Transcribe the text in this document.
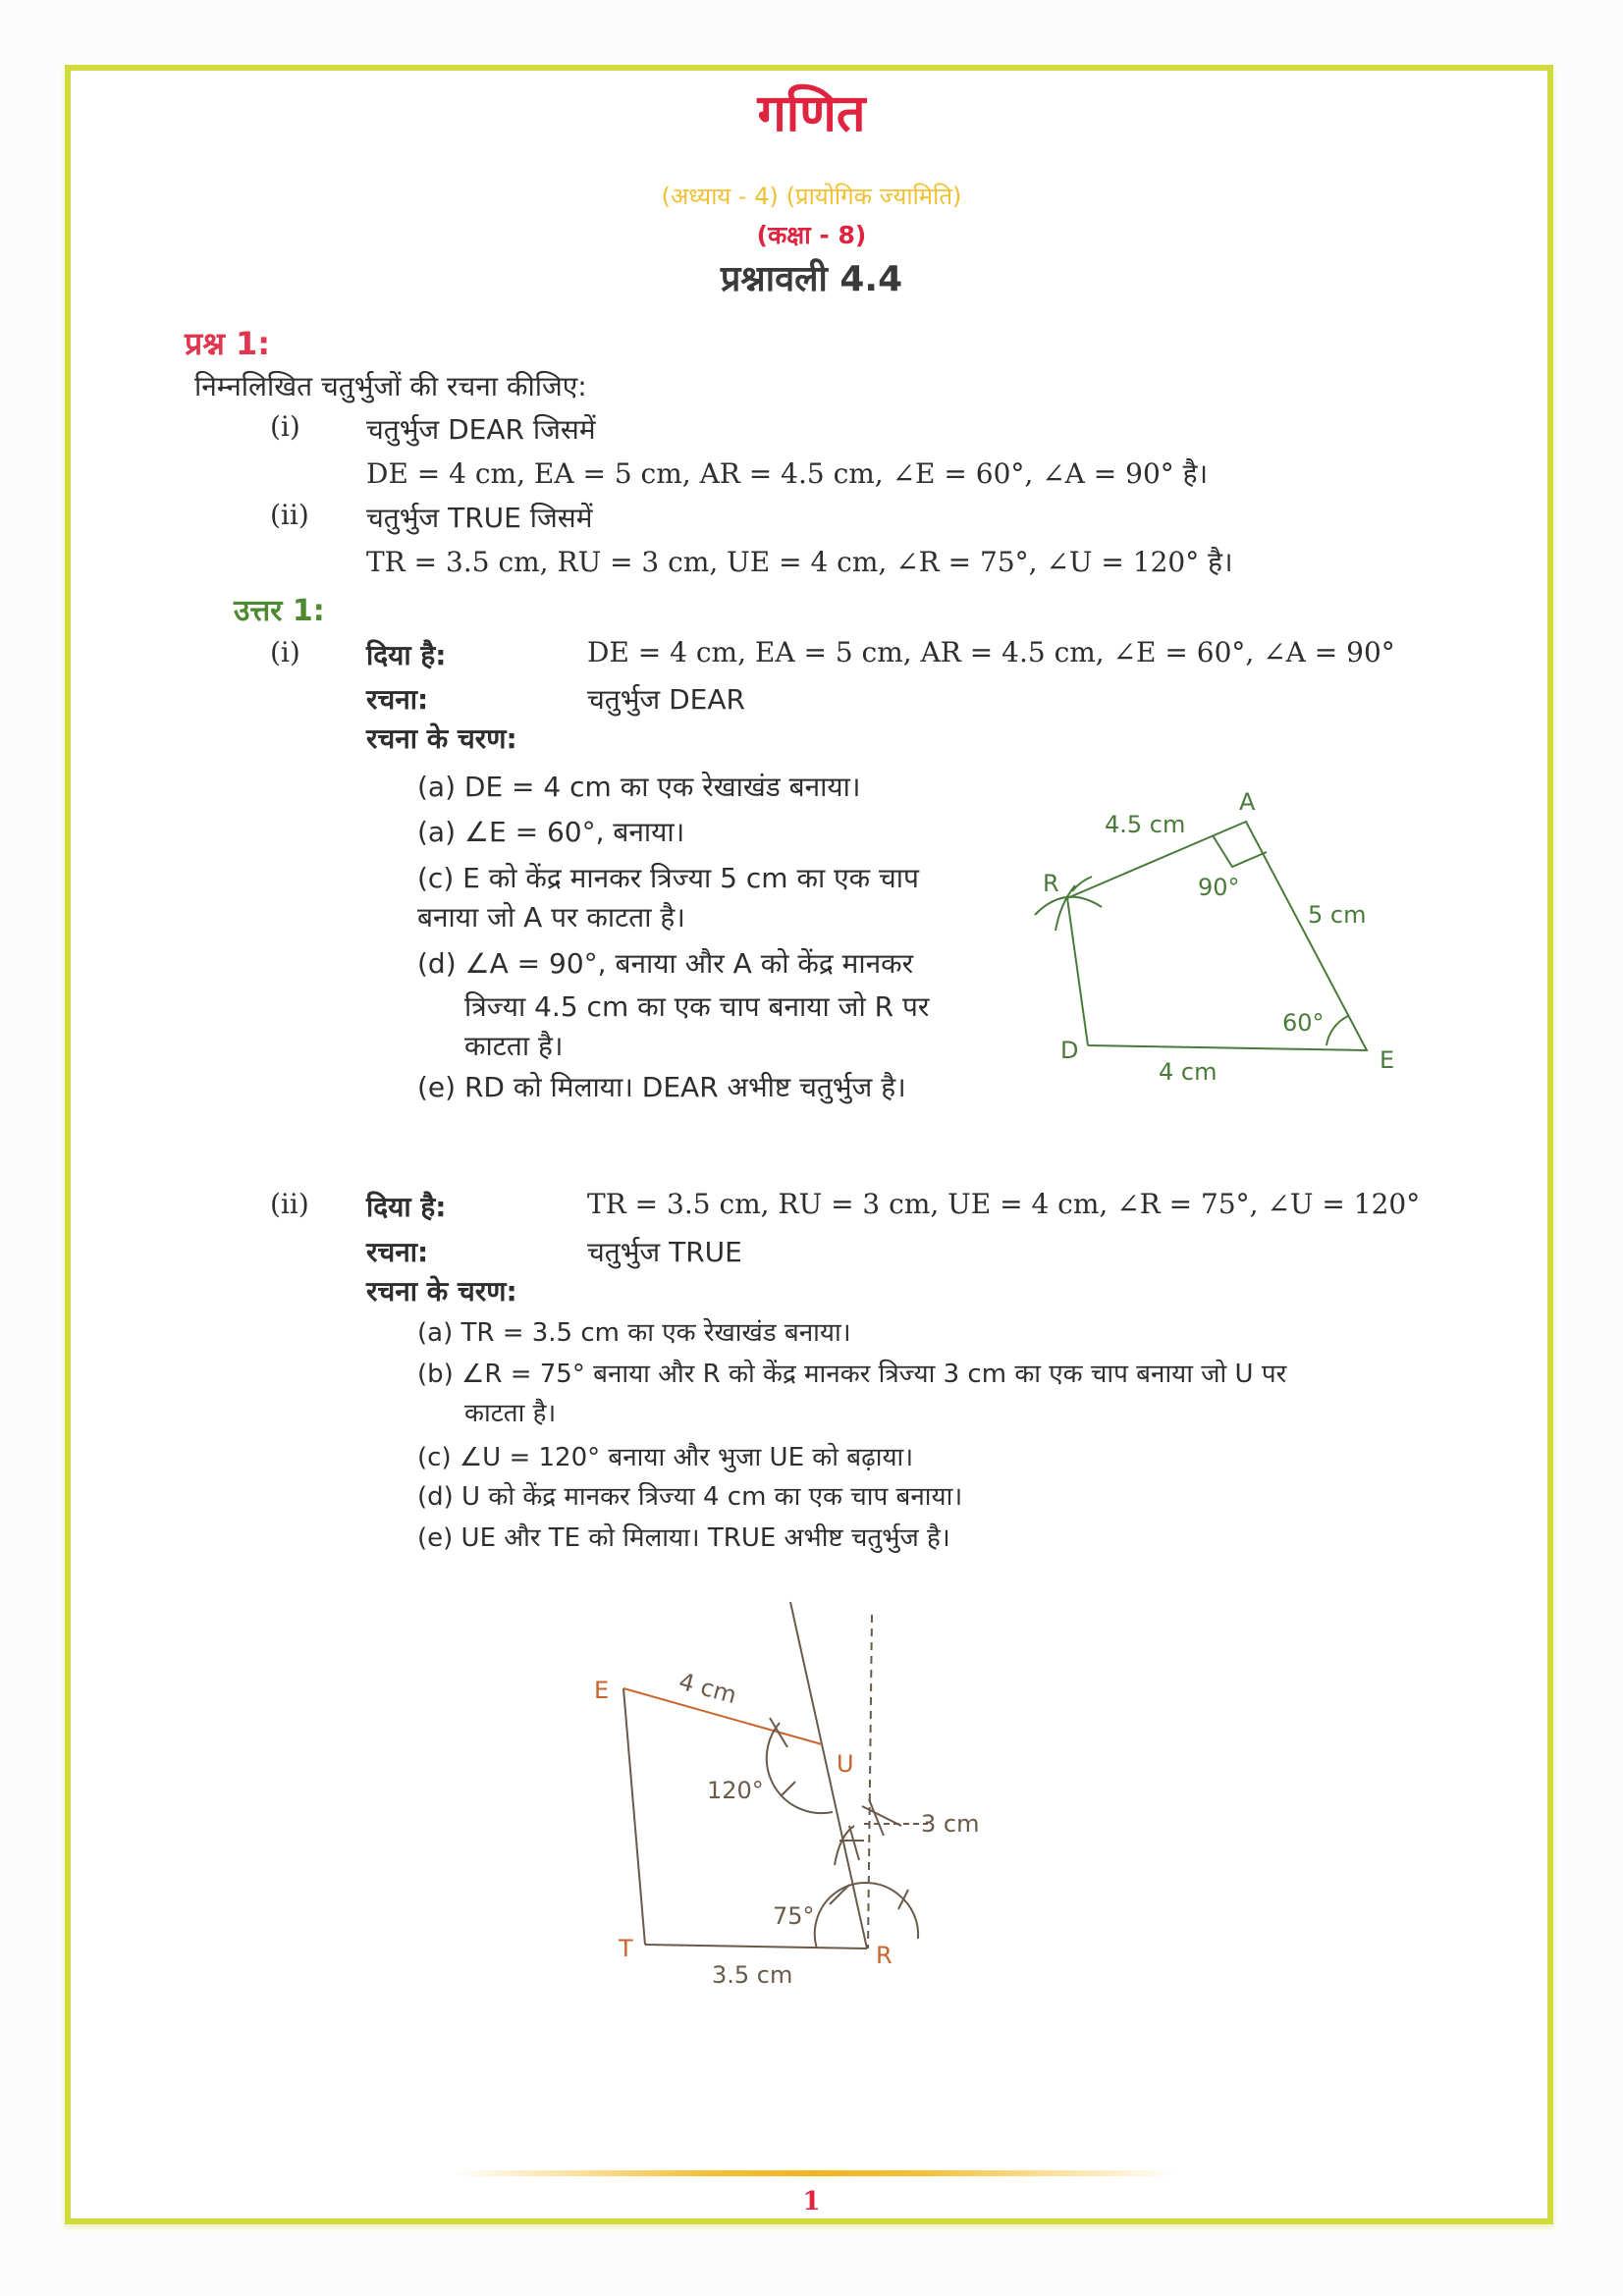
गणित
(अध्याय - 4) (प्रायोगिक ज्यामिति)
(कक्षा - 8)
प्रश्नावली 4.4
प्रश्न 1:
निम्नलिखित चतुर्भुजों की रचना कीजिए:
(i) चतुर्भुज DEAR जिसमें
DE = 4 cm, EA = 5 cm, AR = 4.5 cm, ∠E = 60°, ∠A = 90° है।
(ii) चतुर्भुज TRUE जिसमें
TR = 3.5 cm, RU = 3 cm, UE = 4 cm, ∠R = 75°, ∠U = 120° है।
उत्तर 1:
(i) दिया है:	DE = 4 cm, EA = 5 cm, AR = 4.5 cm, ∠E = 60°, ∠A = 90°
रचना:	चतुर्भुज DEAR
रचना के चरण:
(a) DE = 4 cm का एक रेखाखंड बनाया।
(a) ∠E = 60°, बनाया।
(c) E को केंद्र मानकर त्रिज्या 5 cm का एक चाप
बनाया जो A पर काटता है।
(d) ∠A = 90°, बनाया और A को केंद्र मानकर
त्रिज्या 4.5 cm का एक चाप बनाया जो R पर
काटता है।
(e) RD को मिलाया। DEAR अभीष्ट चतुर्भुज है।
D	E
A
R
4 cm
5 cm
4.5 cm
60°
90°
(ii) दिया है:	TR = 3.5 cm, RU = 3 cm, UE = 4 cm, ∠R = 75°, ∠U = 120°
रचना:	चतुर्भुज TRUE
रचना के चरण:
(a) TR = 3.5 cm का एक रेखाखंड बनाया।
(b) ∠R = 75° बनाया और R को केंद्र मानकर त्रिज्या 3 cm का एक चाप बनाया जो U पर
काटता है।
(c) ∠U = 120° बनाया और भुजा UE को बढ़ाया।
(d) U को केंद्र मानकर त्रिज्या 4 cm का एक चाप बनाया।
(e) UE और TE को मिलाया। TRUE अभीष्ट चतुर्भुज है।
T	R
U
E
3.5 cm
3 cm
4 cm
75°
120°
1
